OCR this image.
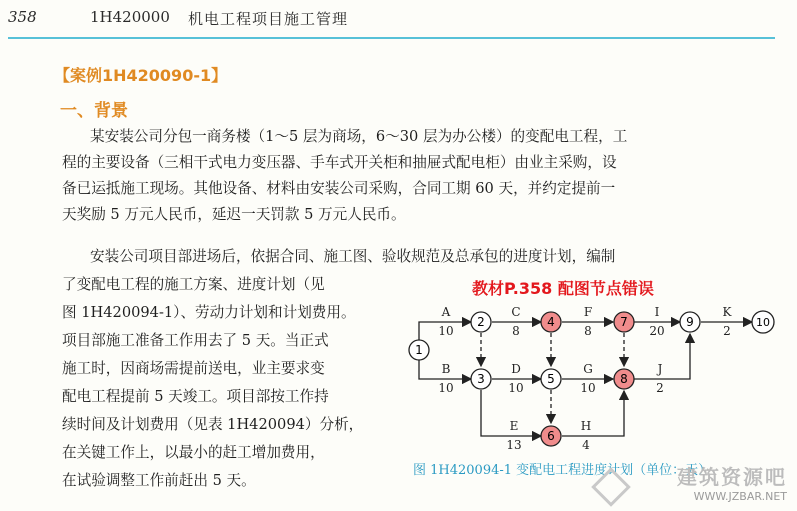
358	1H420000 机电工程项目施工管理
【案例1H420090-1】
一、背景
某安装公司分包一商务楼（1～5 层为商场，6～30 层为办公楼）的变配电工程，工
程的主要设备（三相干式电力变压器、手车式开关柜和抽屉式配电柜）由业主采购，设
备已运抵施工现场。其他设备、材料由安装公司采购，合同工期 60 天，并约定提前一
天奖励 5 万元人民币，延迟一天罚款 5 万元人民币。
安装公司项目部进场后，依据合同、施工图、验收规范及总承包的进度计划，编制
了变配电工程的施工方案、进度计划（见
图 1H420094-1）、劳动力计划和计划费用。
项目部施工准备工作用去了 5 天。当正式
施工时，因商场需提前送电，业主要求变
配电工程提前 5 天竣工。项目部按工作持
续时间及计划费用（见表 1H420094）分析，
在关键工作上，以最小的赶工增加费用，
在试验调整工作前赶出 5 天。
教材P.358 配图节点错误
1
2
3
4
5
6
7
8
9	10
A
10
C
8
F
8
I
20
K
2
B
10
D
10
G
10
J
2
E
13
H
4
图 1H420094-1 变配电工程进度计划（单位：天）
建筑资源吧
WWW.JZBAR.NET
